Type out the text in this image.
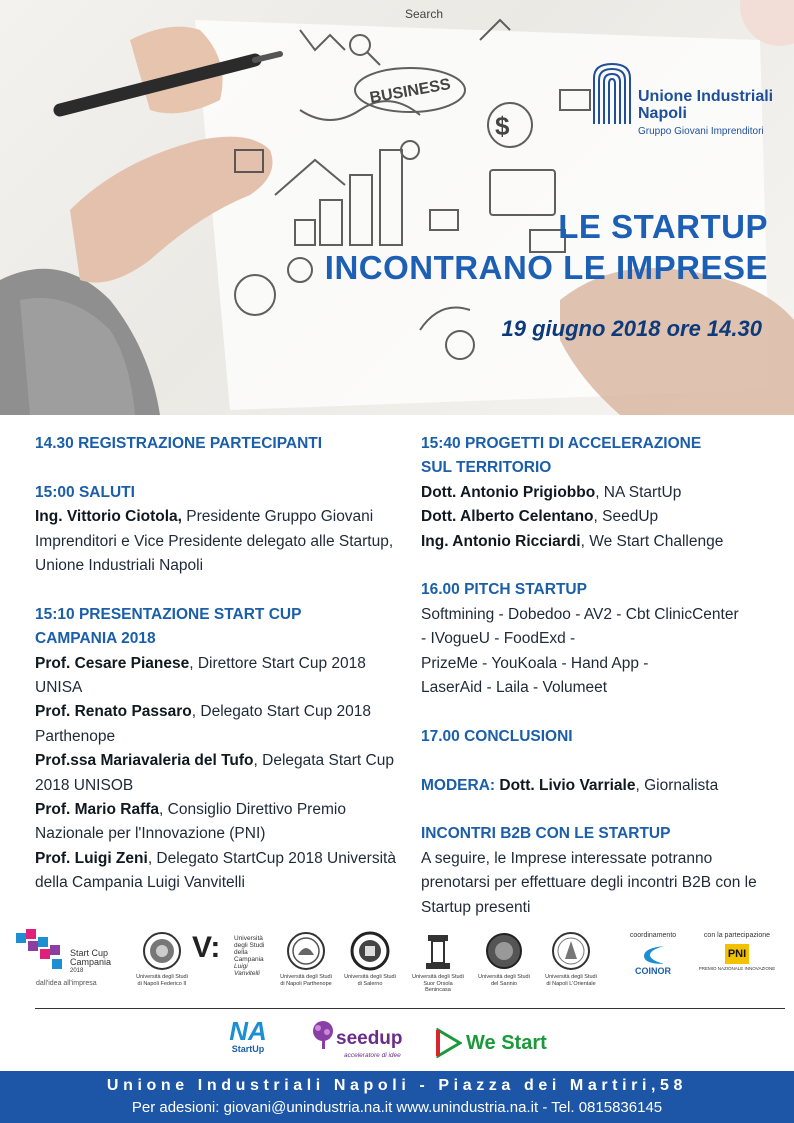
BUSINESS
Search
$
Unione Industriali
Napoli
Gruppo Giovani Imprenditori
LE STARTUP
INCONTRANO LE IMPRESE
19 giugno 2018 ore 14.30
14.30 REGISTRAZIONE PARTECIPANTI
15:00 SALUTI
Ing. Vittorio Ciotola, Presidente Gruppo Giovani Imprenditori e Vice Presidente delegato alle Startup, Unione Industriali Napoli
15:10 PRESENTAZIONE START CUP
CAMPANIA 2018
Prof. Cesare Pianese, Direttore Start Cup 2018 UNISA
Prof. Renato Passaro, Delegato Start Cup 2018 Parthenope
Prof.ssa Mariavaleria del Tufo, Delegata Start Cup 2018 UNISOB
Prof. Mario Raffa, Consiglio Direttivo Premio Nazionale per l'Innovazione (PNI)
Prof. Luigi Zeni, Delegato StartCup 2018 Università della Campania Luigi Vanvitelli
15:40 PROGETTI DI ACCELERAZIONE
SUL TERRITORIO
Dott. Antonio Prigiobbo, NA StartUp
Dott. Alberto Celentano, SeedUp
Ing. Antonio Ricciardi, We Start Challenge
16.00 PITCH STARTUP
Softmining - Dobedoo - AV2 - Cbt ClinicCenter
- IVogueU - FoodExd -
PrizeMe - YouKoala - Hand App -
LaserAid - Laila - Volumeet
17.00 CONCLUSIONI
MODERA: Dott. Livio Varriale, Giornalista
INCONTRI B2B CON LE STARTUP
A seguire, le Imprese interessate potranno prenotarsi per effettuare degli incontri B2B con le Startup presenti
Start Cup
Campania
2018
dall'idea all'impresa
Università degli Studi di Napoli Federico II
V: Università
degli Studi
della Campania
Luigi Vanvitelli	Università degli Studi di Napoli Parthenope
Università degli Studi di Salerno
Università degli Studi Suor Orsola Benincasa
Università degli Studi del Sannio
Università degli Studi di Napoli L'Orientale
coordinamento
COINOR
con la partecipazione
PNI
PREMIO NAZIONALE INNOVAZIONE
NA
StartUp	seedup
acceleratore di idee
We Start
Unione Industriali Napoli - Piazza dei Martiri,58
Per adesioni: giovani@unindustria.na.it www.unindustria.na.it - Tel. 0815836145
